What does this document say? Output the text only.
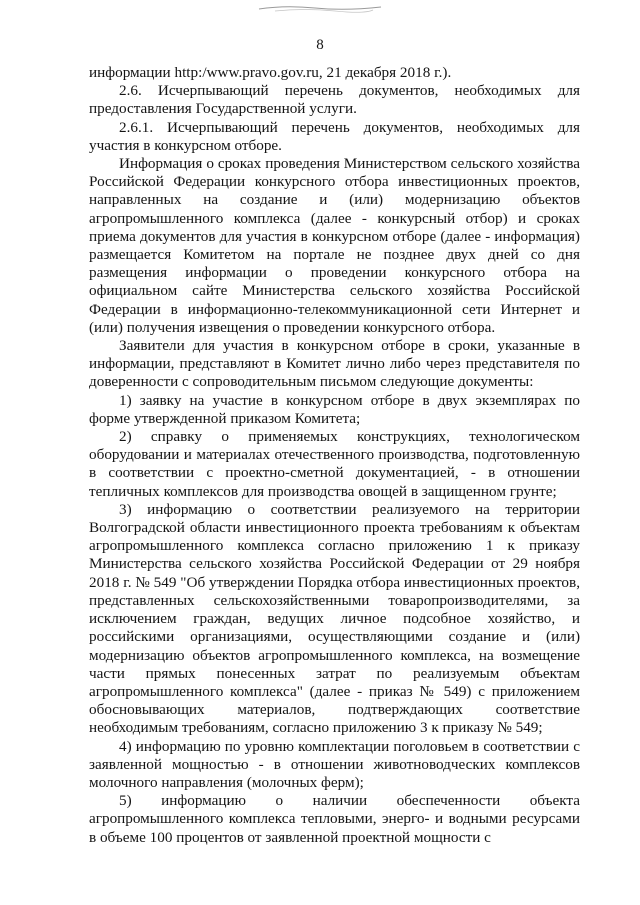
8

информации http:/www.pravo.gov.ru, 21 декабря 2018 г.).

2.6. Исчерпывающий перечень документов, необходимых для предоставления Государственной услуги.

2.6.1. Исчерпывающий перечень документов, необходимых для участия в конкурсном отборе.

Информация о сроках проведения Министерством сельского хозяйства Российской Федерации конкурсного отбора инвестиционных проектов, направленных на создание и (или) модернизацию объектов агропромышленного комплекса (далее - конкурсный отбор) и сроках приема документов для участия в конкурсном отборе (далее - информация) размещается Комитетом на портале не позднее двух дней со дня размещения информации о проведении конкурсного отбора на официальном сайте Министерства сельского хозяйства Российской Федерации в информационно-телекоммуникационной сети Интернет и (или) получения извещения о проведении конкурсного отбора.

Заявители для участия в конкурсном отборе в сроки, указанные в информации, представляют в Комитет лично либо через представителя по доверенности с сопроводительным письмом следующие документы:

1) заявку на участие в конкурсном отборе в двух экземплярах по форме утвержденной приказом Комитета;

2) справку о применяемых конструкциях, технологическом оборудовании и материалах отечественного производства, подготовленную в соответствии с проектно-сметной документацией, - в отношении тепличных комплексов для производства овощей в защищенном грунте;

3) информацию о соответствии реализуемого на территории Волгоградской области инвестиционного проекта требованиям к объектам агропромышленного комплекса согласно приложению 1 к приказу Министерства сельского хозяйства Российской Федерации от 29 ноября 2018 г. № 549 "Об утверждении Порядка отбора инвестиционных проектов, представленных сельскохозяйственными товаропроизводителями, за исключением граждан, ведущих личное подсобное хозяйство, и российскими организациями, осуществляющими создание и (или) модернизацию объектов агропромышленного комплекса, на возмещение части прямых понесенных затрат по реализуемым объектам агропромышленного комплекса" (далее - приказ № 549) с приложением обосновывающих материалов, подтверждающих соответствие необходимым требованиям, согласно приложению 3 к приказу № 549;

4) информацию по уровню комплектации поголовьем в соответствии с заявленной мощностью - в отношении животноводческих комплексов молочного направления (молочных ферм);

5) информацию о наличии обеспеченности объекта агропромышленного комплекса тепловыми, энерго- и водными ресурсами в объеме 100 процентов от заявленной проектной мощности с
